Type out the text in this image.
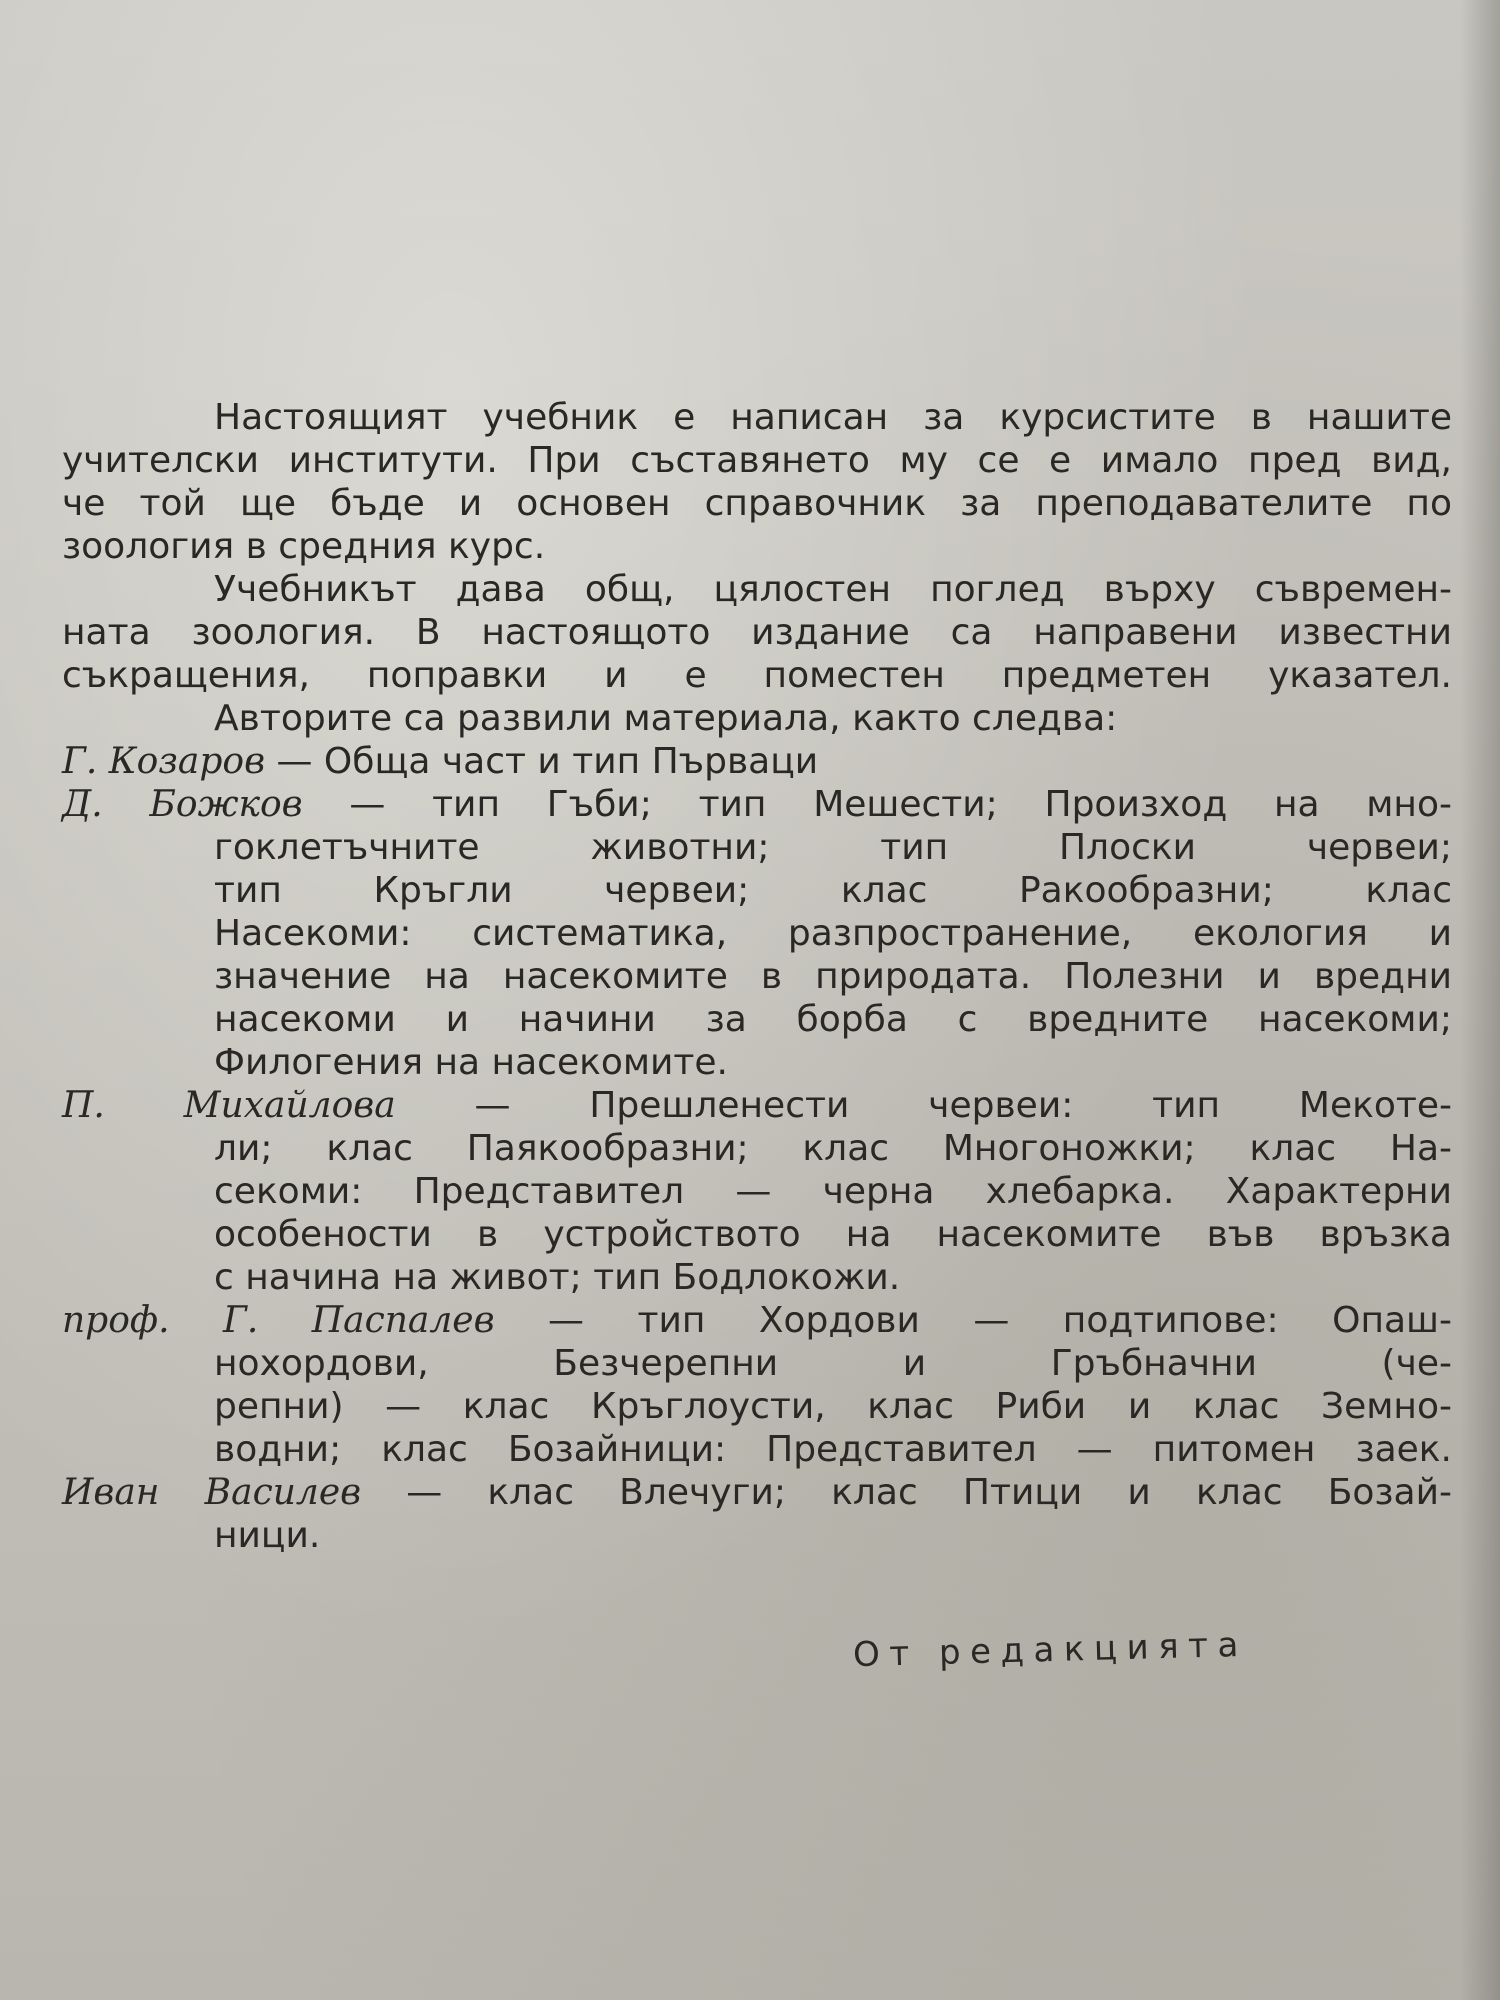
Настоящият учебник е написан за курсистите в нашите
учителски институти. При съставянето му се е имало пред вид,
че той ще бъде и основен справочник за преподавателите по
зоология в средния курс.
Учебникът дава общ, цялостен поглед върху съвремен-
ната зоология. В настоящото издание са направени известни
съкращения, поправки и е поместен предметен указател.
Авторите са развили материала, както следва:
Г. Козаров — Обща част и тип Първаци
Д. Божков — тип Гъби; тип Мешести; Произход на мно-
гоклетъчните животни; тип Плоски червеи;
тип Кръгли червеи; клас Ракообразни; клас
Насекоми: систематика, разпространение, екология и
значение на насекомите в природата. Полезни и вредни
насекоми и начини за борба с вредните насекоми;
Филогения на насекомите.
П. Михайлова — Прешленести червеи: тип Мекоте-
ли; клас Паякообразни; клас Многоножки; клас На-
секоми: Представител — черна хлебарка. Характерни
особености в устройството на насекомите във връзка
с начина на живот; тип Бодлокожи.
проф. Г. Паспалев — тип Хордови — подтипове: Опаш-
нохордови, Безчерепни и Гръбначни (че-
репни) — клас Кръглоусти, клас Риби и клас Земно-
водни; клас Бозайници: Представител — питомен заек.
Иван Василев — клас Влечуги; клас Птици и клас Бозай-
ници.
От редакцията
